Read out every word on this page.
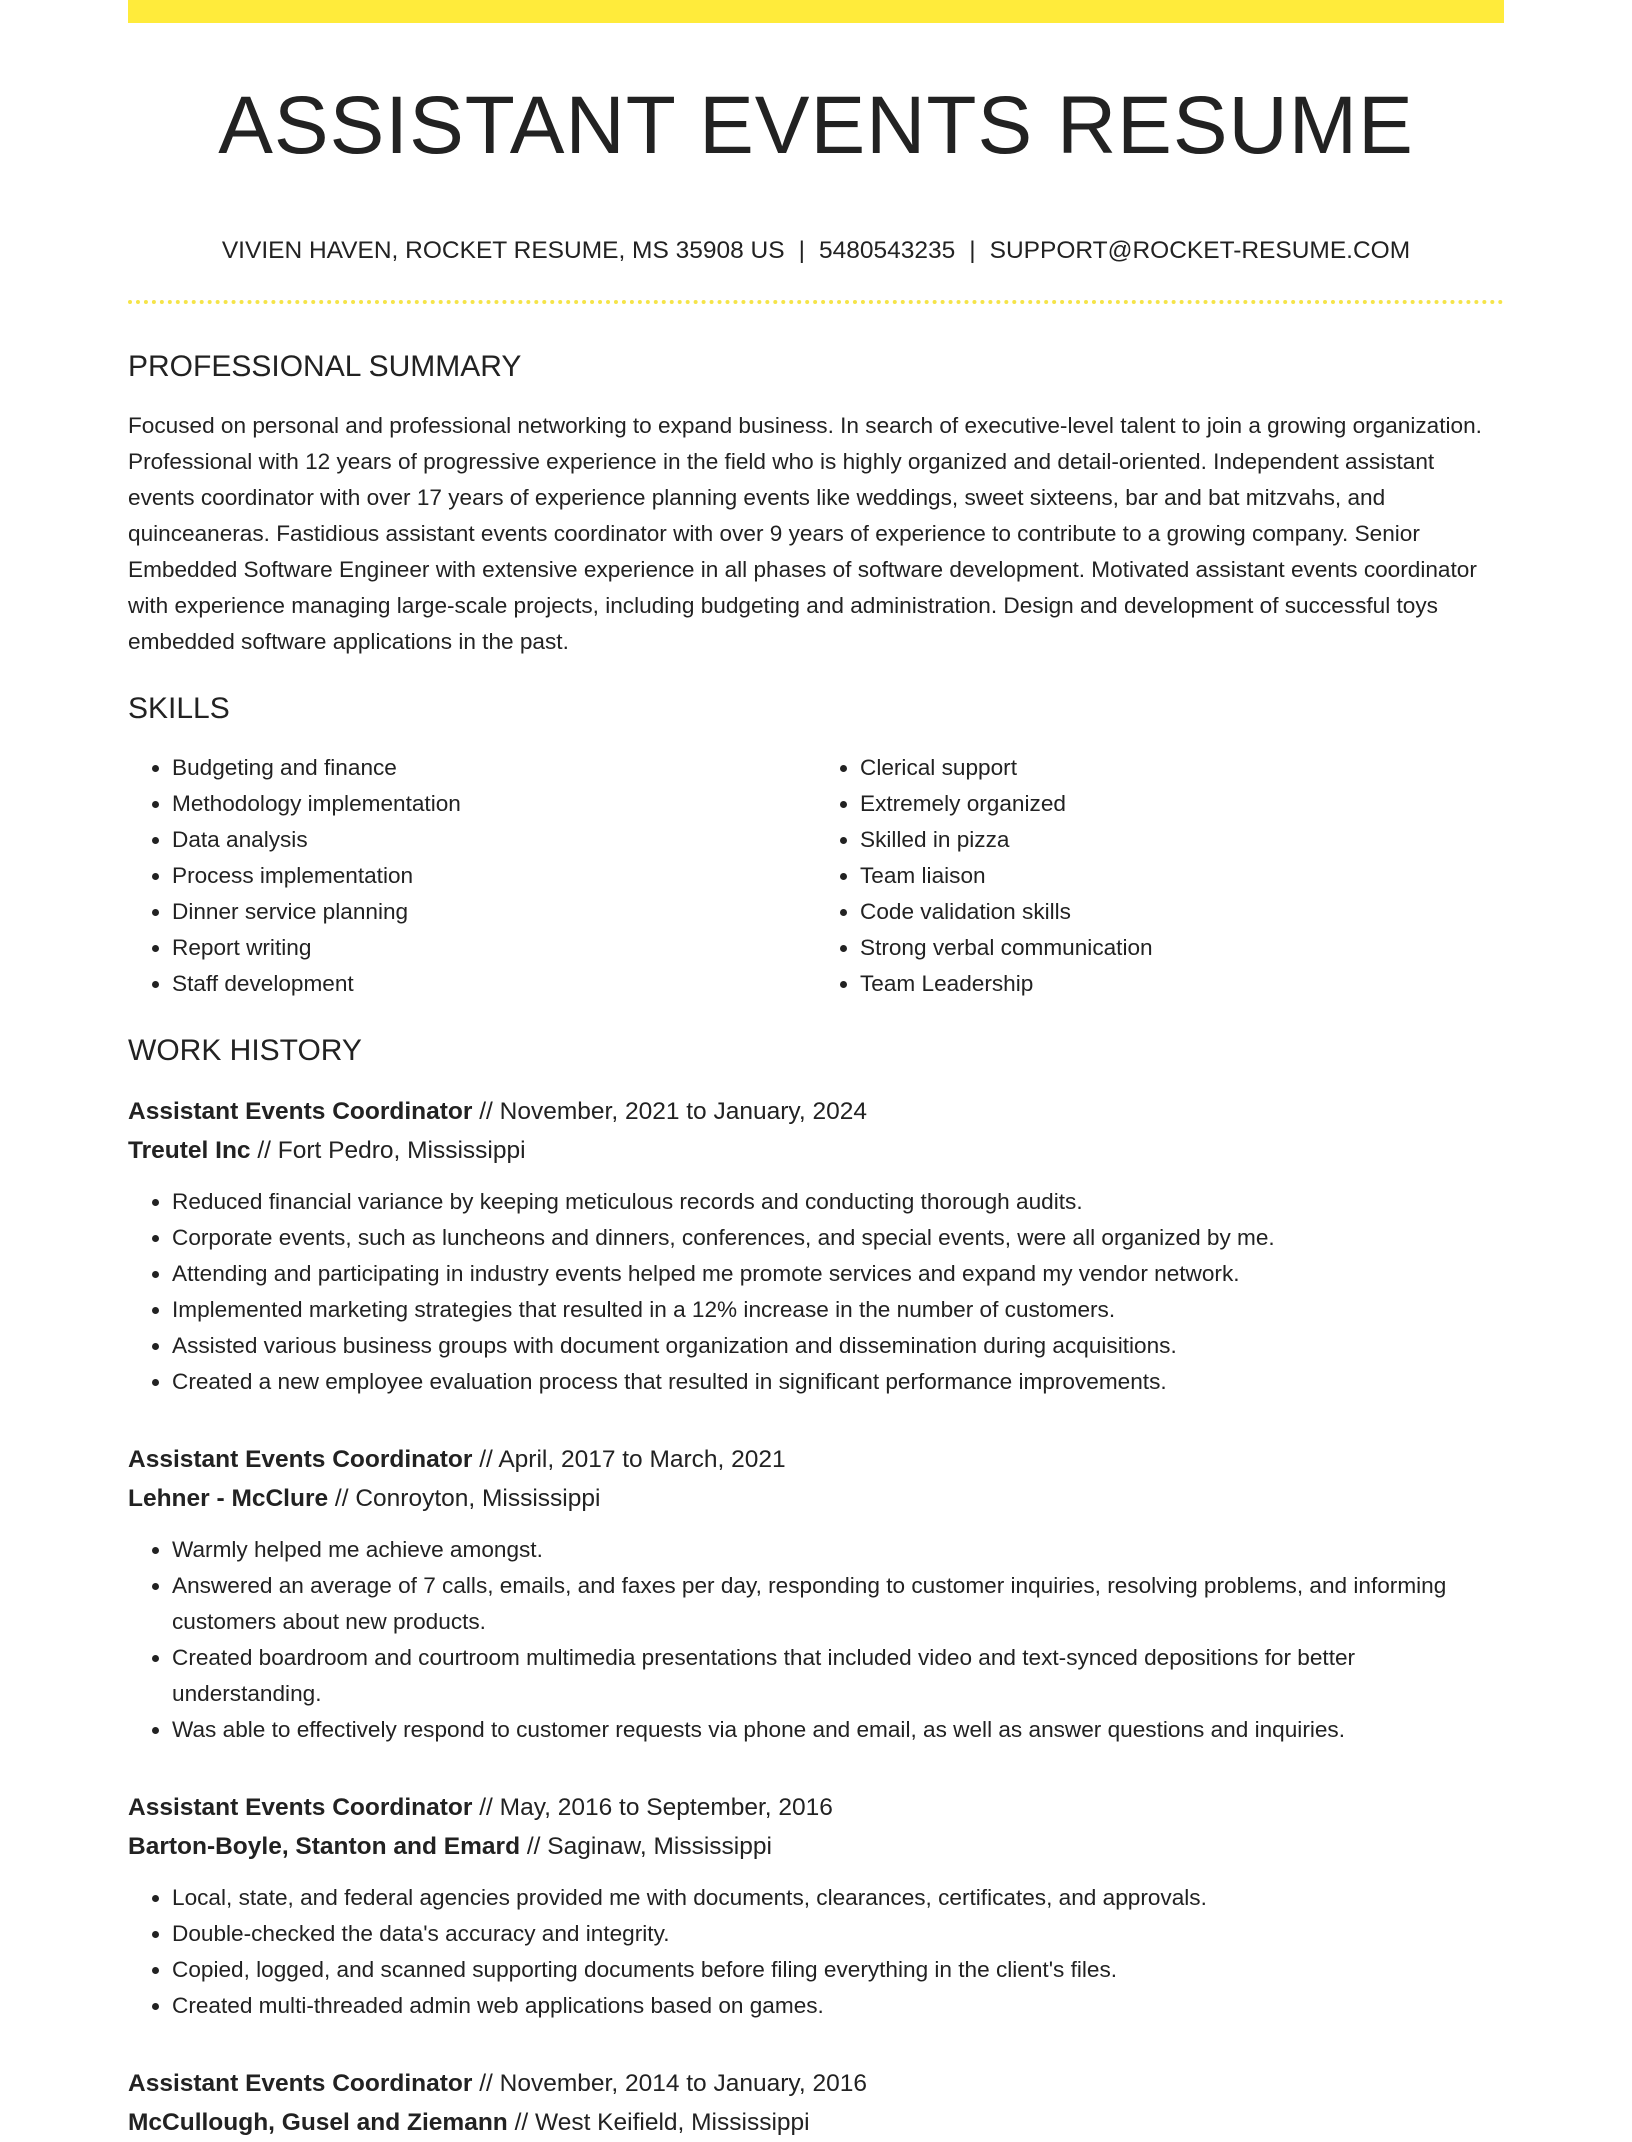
ASSISTANT EVENTS RESUME
VIVIEN HAVEN, ROCKET RESUME, MS 35908 US | 5480543235 | SUPPORT@ROCKET-RESUME.COM
PROFESSIONAL SUMMARY
Focused on personal and professional networking to expand business. In search of executive-level talent to join a growing organization. Professional with 12 years of progressive experience in the field who is highly organized and detail-oriented. Independent assistant events coordinator with over 17 years of experience planning events like weddings, sweet sixteens, bar and bat mitzvahs, and quinceaneras. Fastidious assistant events coordinator with over 9 years of experience to contribute to a growing company. Senior Embedded Software Engineer with extensive experience in all phases of software development. Motivated assistant events coordinator with experience managing large-scale projects, including budgeting and administration. Design and development of successful toys embedded software applications in the past.
SKILLS
• Budgeting and finance
• Methodology implementation
• Data analysis
• Process implementation
• Dinner service planning
• Report writing
• Staff development
• Clerical support
• Extremely organized
• Skilled in pizza
• Team liaison
• Code validation skills
• Strong verbal communication
• Team Leadership
WORK HISTORY
Assistant Events Coordinator // November, 2021 to January, 2024
Treutel Inc // Fort Pedro, Mississippi
• Reduced financial variance by keeping meticulous records and conducting thorough audits.
• Corporate events, such as luncheons and dinners, conferences, and special events, were all organized by me.
• Attending and participating in industry events helped me promote services and expand my vendor network.
• Implemented marketing strategies that resulted in a 12% increase in the number of customers.
• Assisted various business groups with document organization and dissemination during acquisitions.
• Created a new employee evaluation process that resulted in significant performance improvements.
Assistant Events Coordinator // April, 2017 to March, 2021
Lehner - McClure // Conroyton, Mississippi
• Warmly helped me achieve amongst.
• Answered an average of 7 calls, emails, and faxes per day, responding to customer inquiries, resolving problems, and informing customers about new products.
• Created boardroom and courtroom multimedia presentations that included video and text-synced depositions for better understanding.
• Was able to effectively respond to customer requests via phone and email, as well as answer questions and inquiries.
Assistant Events Coordinator // May, 2016 to September, 2016
Barton-Boyle, Stanton and Emard // Saginaw, Mississippi
• Local, state, and federal agencies provided me with documents, clearances, certificates, and approvals.
• Double-checked the data's accuracy and integrity.
• Copied, logged, and scanned supporting documents before filing everything in the client's files.
• Created multi-threaded admin web applications based on games.
Assistant Events Coordinator // November, 2014 to January, 2016
McCullough, Gusel and Ziemann // West Keifield, Mississippi
